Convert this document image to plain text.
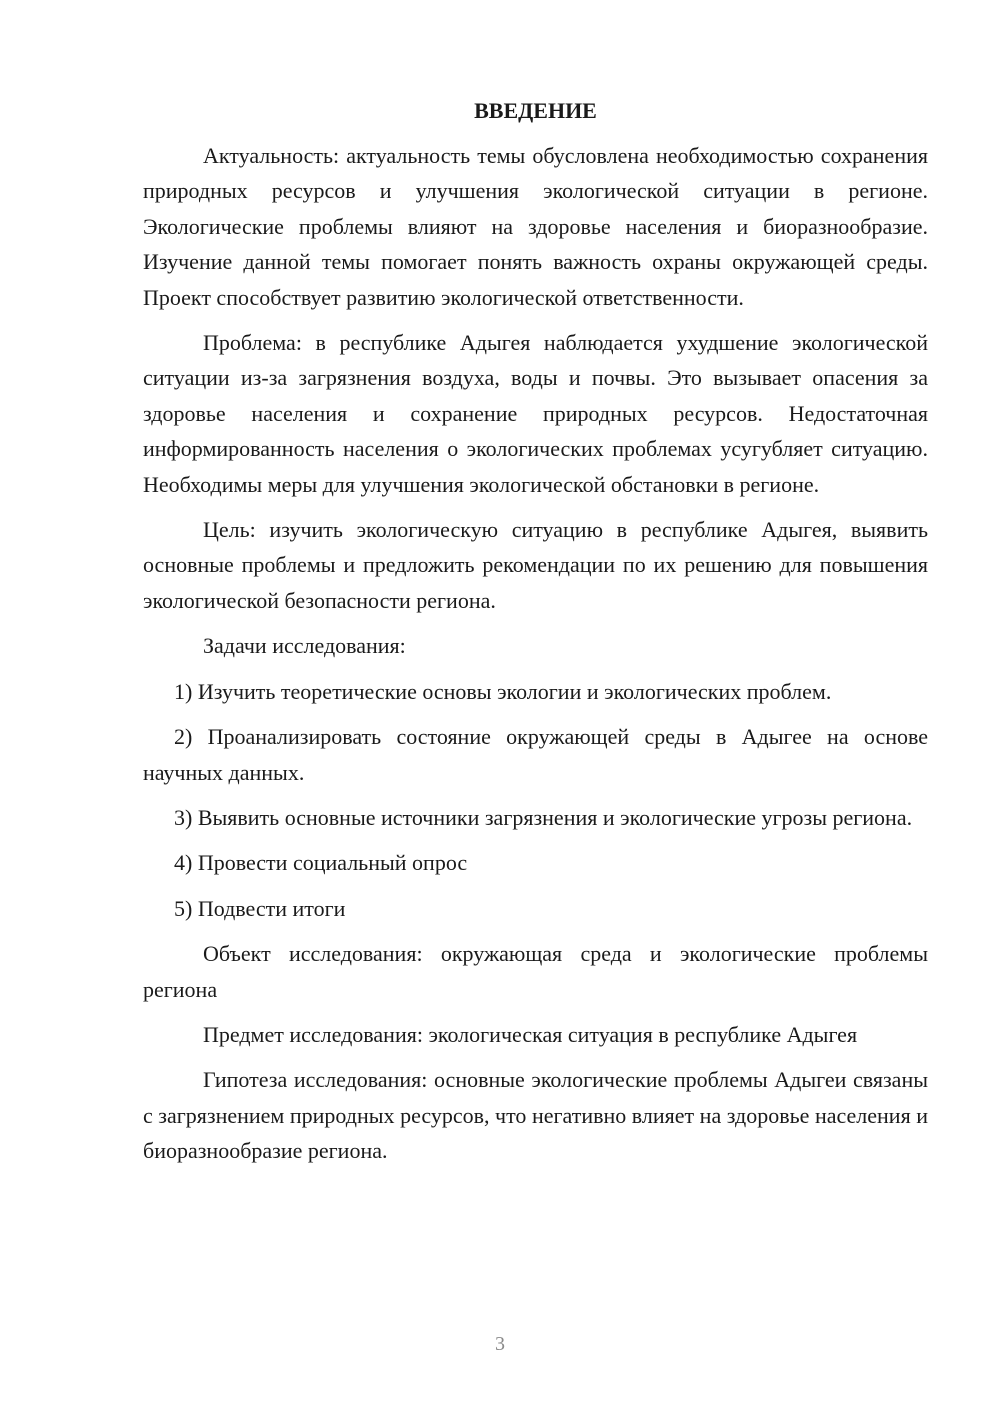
ВВЕДЕНИЕ

Актуальность: актуальность темы обусловлена необходимостью сохранения природных ресурсов и улучшения экологической ситуации в регионе. Экологические проблемы влияют на здоровье населения и биоразнообразие. Изучение данной темы помогает понять важность охраны окружающей среды. Проект способствует развитию экологической ответственности.

Проблема: в республике Адыгея наблюдается ухудшение экологической ситуации из-за загрязнения воздуха, воды и почвы. Это вызывает опасения за здоровье населения и сохранение природных ресурсов. Недостаточная информированность населения о экологических проблемах усугубляет ситуацию. Необходимы меры для улучшения экологической обстановки в регионе.

Цель: изучить экологическую ситуацию в республике Адыгея, выявить основные проблемы и предложить рекомендации по их решению для повышения экологической безопасности региона.

Задачи исследования:

1) Изучить теоретические основы экологии и экологических проблем.

2) Проанализировать состояние окружающей среды в Адыгее на основе научных данных.

3) Выявить основные источники загрязнения и экологические угрозы региона.

4) Провести социальный опрос

5) Подвести итоги

Объект исследования: окружающая среда и экологические проблемы региона

Предмет исследования: экологическая ситуация в республике Адыгея

Гипотеза исследования: основные экологические проблемы Адыгеи связаны с загрязнением природных ресурсов, что негативно влияет на здоровье населения и биоразнообразие региона.

3
